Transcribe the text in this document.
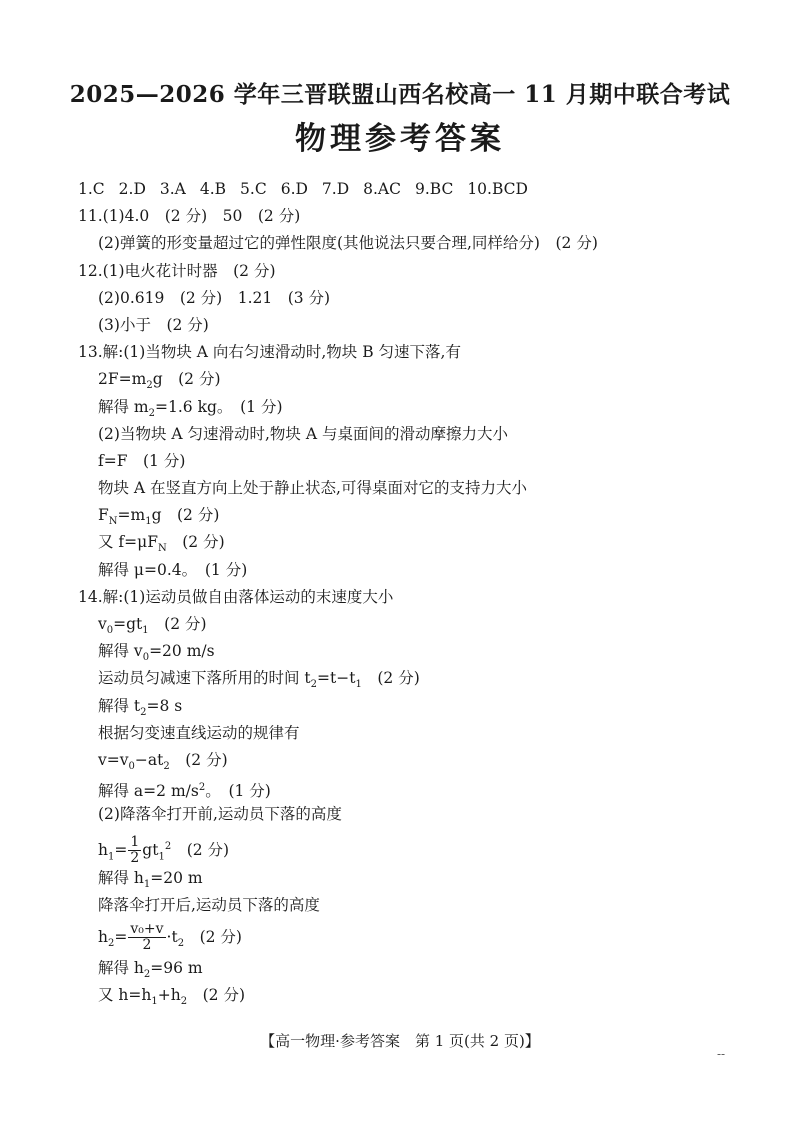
2025—2026 学年三晋联盟山西名校高一 11 月期中联合考试
物理参考答案
1.C 2.D 3.A 4.B 5.C 6.D 7.D 8.AC 9.BC 10.BCD
11.(1)4.0　(2 分)　50　(2 分)
(2)弹簧的形变量超过它的弹性限度(其他说法只要合理,同样给分)　(2 分)
12.(1)电火花计时器　(2 分)
(2)0.619　(2 分)　1.21　(3 分)
(3)小于　(2 分)
13.解:(1)当物块 A 向右匀速滑动时,物块 B 匀速下落,有
$2F=m_2g$　(2 分)
解得 $m_2=1.6$ kg。　(1 分)
(2)当物块 A 匀速滑动时,物块 A 与桌面间的滑动摩擦力大小
f=F　(1 分)
物块 A 在竖直方向上处于静止状态,可得桌面对它的支持力大小
$F_N=m_1g$　(2 分)
又 $f=\mu F_N$　(2 分)
解得 μ=0.4。　(1 分)
14.解:(1)运动员做自由落体运动的末速度大小
$v_0=gt_1$　(2 分)
解得 $v_0=20$ m/s
运动员匀减速下落所用的时间 $t_2=t-t_1$　(2 分)
解得 $t_2=8$ s
根据匀变速直线运动的规律有
$v=v_0-at_2$　(2 分)
解得 a=2 $m/s^2$。　(1 分)
(2)降落伞打开前,运动员下落的高度
$h_1= \frac{1}{2} gt_1^2$　(2 分)
解得 $h_1=20$ m
降落伞打开后,运动员下落的高度
$h_2= \frac{\text{v₀+v}}{2} \cdot t_2$　(2 分)
解得 $h_2=96$ m
又 $h=h_1+h_2$　(2 分)
【高一物理·参考答案　第 1 页(共 2 页)】
--
